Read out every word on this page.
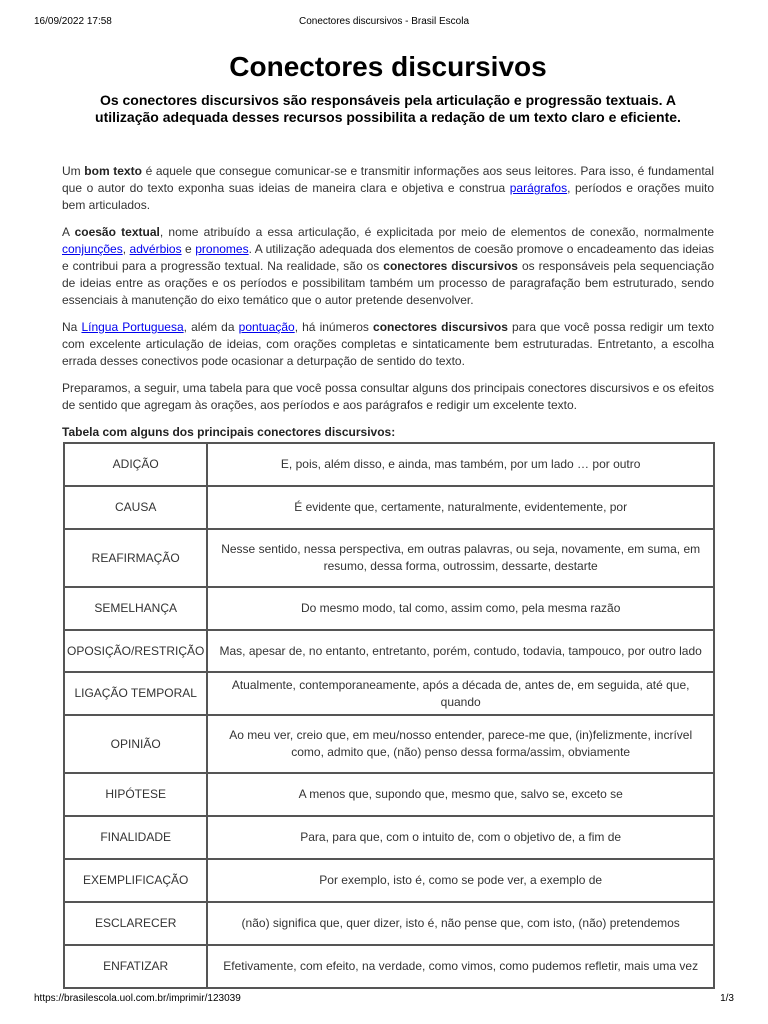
16/09/2022 17:58	Conectores discursivos - Brasil Escola
Conectores discursivos

Os conectores discursivos são responsáveis pela articulação e progressão textuais. A utilização adequada desses recursos possibilita a redação de um texto claro e eficiente.

Um bom texto é aquele que consegue comunicar-se e transmitir informações aos seus leitores. Para isso, é fundamental que o autor do texto exponha suas ideias de maneira clara e objetiva e construa parágrafos, períodos e orações muito bem articulados.

A coesão textual, nome atribuído a essa articulação, é explicitada por meio de elementos de conexão, normalmente conjunções, advérbios e pronomes. A utilização adequada dos elementos de coesão promove o encadeamento das ideias e contribui para a progressão textual. Na realidade, são os conectores discursivos os responsáveis pela sequenciação de ideias entre as orações e os períodos e possibilitam também um processo de paragrafação bem estruturado, sendo essenciais à manutenção do eixo temático que o autor pretende desenvolver.

Na Língua Portuguesa, além da pontuação, há inúmeros conectores discursivos para que você possa redigir um texto com excelente articulação de ideias, com orações completas e sintaticamente bem estruturadas. Entretanto, a escolha errada desses conectivos pode ocasionar a deturpação de sentido do texto.

Preparamos, a seguir, uma tabela para que você possa consultar alguns dos principais conectores discursivos e os efeitos de sentido que agregam às orações, aos períodos e aos parágrafos e redigir um excelente texto.

Tabela com alguns dos principais conectores discursivos:
ADIÇÃO	E, pois, além disso, e ainda, mas também, por um lado … por outro
CAUSA	É evidente que, certamente, naturalmente, evidentemente, por
REAFIRMAÇÃO	Nesse sentido, nessa perspectiva, em outras palavras, ou seja, novamente, em suma, em resumo, dessa forma, outrossim, dessarte, destarte
SEMELHANÇA	Do mesmo modo, tal como, assim como, pela mesma razão
OPOSIÇÃO/RESTRIÇÃO	Mas, apesar de, no entanto, entretanto, porém, contudo, todavia, tampouco, por outro lado
LIGAÇÃO TEMPORAL	Atualmente, contemporaneamente, após a década de, antes de, em seguida, até que, quando
OPINIÃO	Ao meu ver, creio que, em meu/nosso entender, parece-me que, (in)felizmente, incrível como, admito que, (não) penso dessa forma/assim, obviamente
HIPÓTESE	A menos que, supondo que, mesmo que, salvo se, exceto se
FINALIDADE	Para, para que, com o intuito de, com o objetivo de, a fim de
EXEMPLIFICAÇÃO	Por exemplo, isto é, como se pode ver, a exemplo de
ESCLARECER	(não) significa que, quer dizer, isto é, não pense que, com isto, (não) pretendemos
ENFATIZAR	Efetivamente, com efeito, na verdade, como vimos, como pudemos refletir, mais uma vez
https://brasilescola.uol.com.br/imprimir/123039	1/3
